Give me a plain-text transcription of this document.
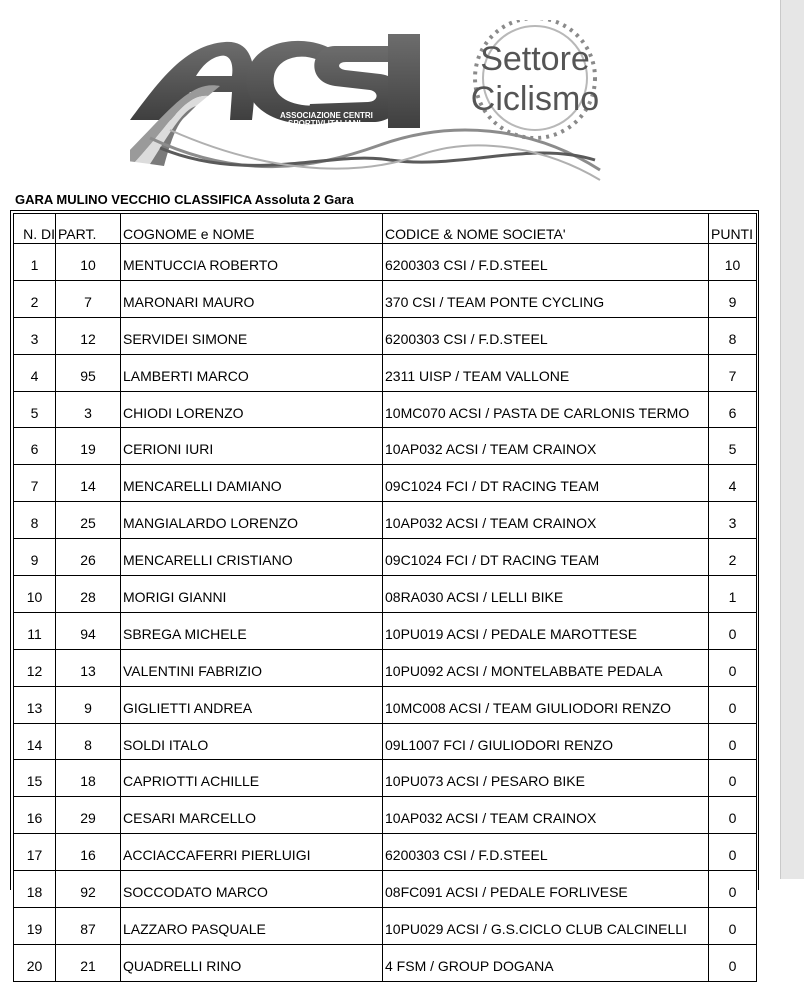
ASSOCIAZIONE CENTRI
SPORTIVI ITALIANI
Settore
Ciclismo
GARA MULINO VECCHIO CLASSIFICA Assoluta 2 Gara
N. DI	PART.	COGNOME e NOME	CODICE & NOME SOCIETA'	PUNTI
1	10	MENTUCCIA ROBERTO	6200303 CSI / F.D.STEEL	10
2	7	MARONARI MAURO	370 CSI / TEAM PONTE CYCLING	9
3	12	SERVIDEI SIMONE	6200303 CSI / F.D.STEEL	8
4	95	LAMBERTI MARCO	2311 UISP / TEAM VALLONE	7
5	3	CHIODI LORENZO	10MC070 ACSI / PASTA DE CARLONIS TERMO	6
6	19	CERIONI IURI	10AP032 ACSI / TEAM CRAINOX	5
7	14	MENCARELLI DAMIANO	09C1024 FCI / DT RACING TEAM	4
8	25	MANGIALARDO LORENZO	10AP032 ACSI / TEAM CRAINOX	3
9	26	MENCARELLI CRISTIANO	09C1024 FCI / DT RACING TEAM	2
10	28	MORIGI GIANNI	08RA030 ACSI / LELLI BIKE	1
11	94	SBREGA MICHELE	10PU019 ACSI / PEDALE MAROTTESE	0
12	13	VALENTINI FABRIZIO	10PU092 ACSI / MONTELABBATE PEDALA	0
13	9	GIGLIETTI ANDREA	10MC008 ACSI / TEAM GIULIODORI RENZO	0
14	8	SOLDI ITALO	09L1007 FCI / GIULIODORI RENZO	0
15	18	CAPRIOTTI ACHILLE	10PU073 ACSI / PESARO BIKE	0
16	29	CESARI MARCELLO	10AP032 ACSI / TEAM CRAINOX	0
17	16	ACCIACCAFERRI PIERLUIGI	6200303 CSI / F.D.STEEL	0
18	92	SOCCODATO MARCO	08FC091 ACSI / PEDALE FORLIVESE	0
19	87	LAZZARO PASQUALE	10PU029 ACSI / G.S.CICLO CLUB CALCINELLI	0
20	21	QUADRELLI RINO	4 FSM / GROUP DOGANA	0
